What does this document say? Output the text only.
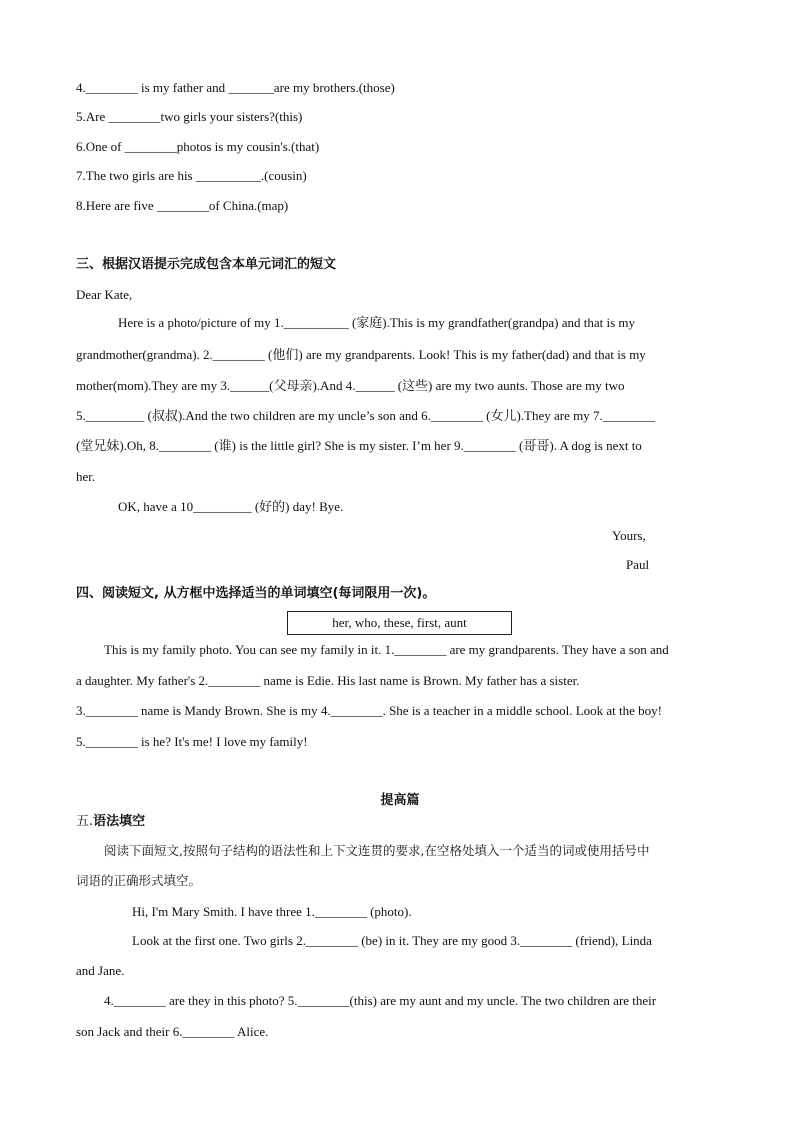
4.________ is my father and _______are my brothers.(those)
5.Are ________two girls your sisters?(this)
6.One of ________photos is my cousin's.(that)
7.The two girls are his __________.(cousin)
8.Here are five ________of China.(map)
三、根据汉语提示完成包含本单元词汇的短文
Dear Kate,
Here is a photo/picture of my 1.__________ (家庭).This is my grandfather(grandpa) and that is my
grandmother(grandma). 2.________ (他们) are my grandparents. Look! This is my father(dad) and that is my
mother(mom).They are my 3.______(父母亲).And 4.______ (这些) are my two aunts. Those are my two
5._________ (叔叔).And the two children are my uncle’s son and 6.________ (女儿).They are my 7.________
(堂兄妹).Oh, 8.________ (谁) is the little girl? She is my sister. I’m her 9.________ (哥哥). A dog is next to
her.
OK, have a 10_________ (好的) day! Bye.
Yours,
Paul
四、阅读短文, 从方框中选择适当的单词填空(每词限用一次)。
her, who, these, first, aunt
This is my family photo. You can see my family in it. 1.________ are my grandparents. They have a son and
a daughter. My father's 2.________ name is Edie. His last name is Brown. My father has a sister.
3.________ name is Mandy Brown. She is my 4.________. She is a teacher in a middle school. Look at the boy!
5.________ is he? It's me! I love my family!
提高篇
五.语法填空
阅读下面短文,按照句子结构的语法性和上下文连贯的要求,在空格处填入一个适当的词或使用括号中
词语的正确形式填空。
Hi, I'm Mary Smith. I have three 1.________ (photo).
Look at the first one. Two girls 2.________ (be) in it. They are my good 3.________ (friend), Linda
and Jane.
4.________ are they in this photo? 5.________(this) are my aunt and my uncle. The two children are their
son Jack and their 6.________ Alice.
